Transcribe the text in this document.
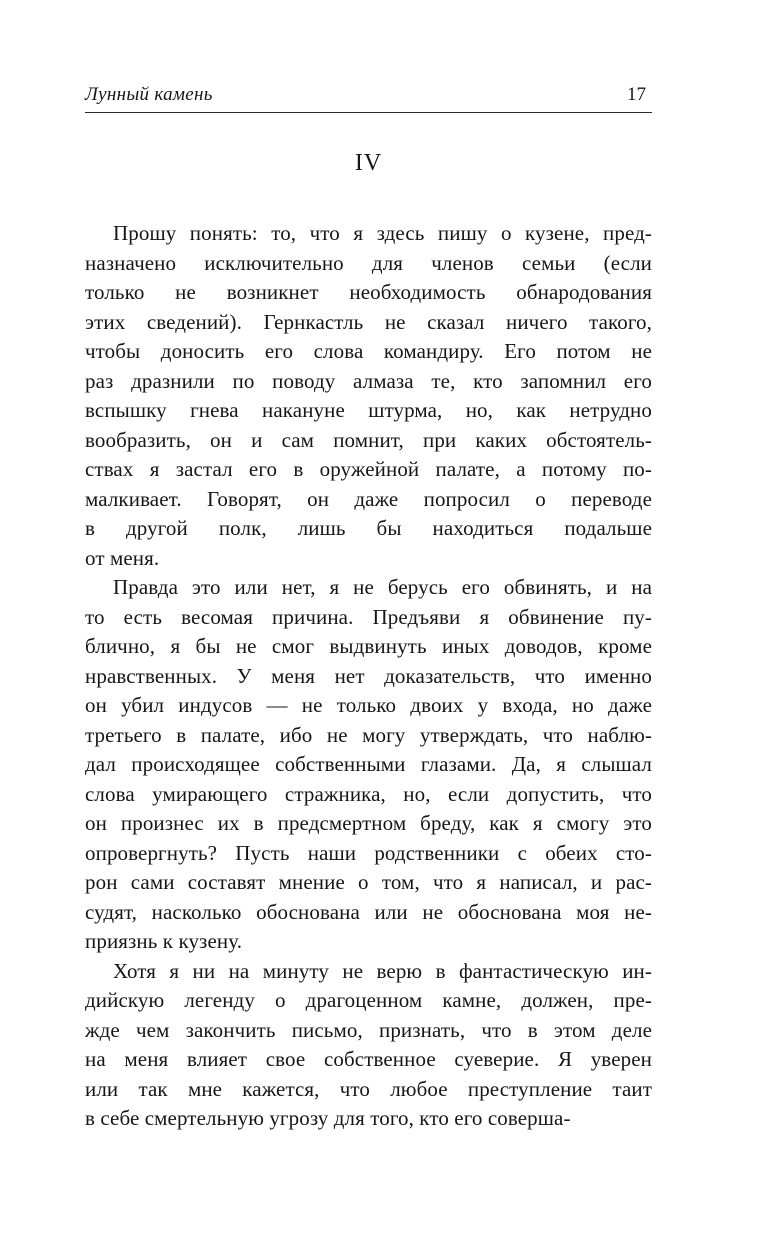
Лунный камень	17
IV
Прошу понять: то, что я здесь пишу о кузене, пред-
назначено исключительно для членов семьи (если
только не возникнет необходимость обнародования
этих сведений). Гернкастль не сказал ничего такого,
чтобы доносить его слова командиру. Его потом не
раз дразнили по поводу алмаза те, кто запомнил его
вспышку гнева накануне штурма, но, как нетрудно
вообразить, он и сам помнит, при каких обстоятель-
ствах я застал его в оружейной палате, а потому по-
малкивает. Говорят, он даже попросил о переводе
в другой полк, лишь бы находиться подальше
от меня.
Правда это или нет, я не берусь его обвинять, и на
то есть весомая причина. Предъяви я обвинение пу-
блично, я бы не смог выдвинуть иных доводов, кроме
нравственных. У меня нет доказательств, что именно
он убил индусов — не только двоих у входа, но даже
третьего в палате, ибо не могу утверждать, что наблю-
дал происходящее собственными глазами. Да, я слышал
слова умирающего стражника, но, если допустить, что
он произнес их в предсмертном бреду, как я смогу это
опровергнуть? Пусть наши родственники с обеих сто-
рон сами составят мнение о том, что я написал, и рас-
судят, насколько обоснована или не обоснована моя не-
приязнь к кузену.
Хотя я ни на минуту не верю в фантастическую ин-
дийскую легенду о драгоценном камне, должен, пре-
жде чем закончить письмо, признать, что в этом деле
на меня влияет свое собственное суеверие. Я уверен
или так мне кажется, что любое преступление таит
в себе смертельную угрозу для того, кто его соверша-
